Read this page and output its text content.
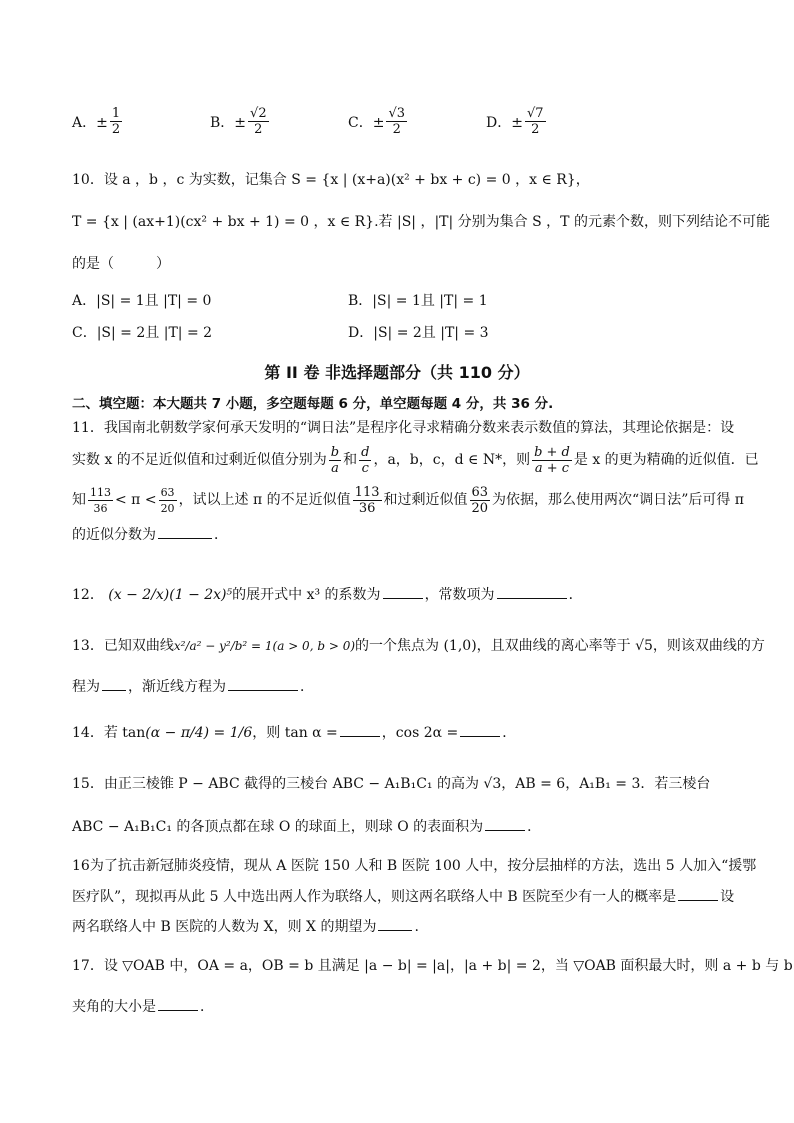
A．± $\frac{1}{2}$	B．± $\frac{√2}{2}$	C．± $\frac{√3}{2}$	D．± $\frac{√7}{2}$
10．设 a ，b ，c 为实数，记集合 S = {x | (x+a)(x² + bx + c) = 0 ，x ∈ R}，
T = {x | (ax+1)(cx² + bx + 1) = 0 ，x ∈ R}.若 |S| ，|T| 分别为集合 S ，T 的元素个数，则下列结论不可能
的是（　　　）
A．|S| = 1且 |T| = 0	B．|S| = 1且 |T| = 1
C．|S| = 2且 |T| = 2	D．|S| = 2且 |T| = 3
第 II 卷 非选择题部分（共 110 分）
二、填空题：本大题共 7 小题，多空题每题 6 分，单空题每题 4 分，共 36 分.

11．我国南北朝数学家何承天发明的“调日法”是程序化寻求精确分数来表示数值的算法，其理论依据是：设

实数 x 的不足近似值和过剩近似值分别为 $\frac{b}{a}$ 和 $\frac{d}{c}$ ，a，b，c，d ∈ N*，则 $\frac{b + d}{a + c}$ 是 x 的更为精确的近似值．已

知 $\frac{113}{36} < \pi < \frac{63}{20}$ ，试以上述 π 的不足近似值 $\frac{113}{36}$ 和过剩近似值 $\frac{63}{20}$ 为依据，那么使用两次“调日法”后可得 π

的近似分数为	．

12． (x − 2/x)(1 − 2x)⁵的展开式中 x³ 的系数为	，常数项为	．
13．已知双曲线x²/a² − y²/b² = 1(a > 0, b > 0)的一个焦点为 (1,0)，且双曲线的离心率等于 √5，则该双曲线的方
程为 ，渐近线方程为	．
14．若 tan(α − π/4) = 1/6，则 tan α =	，cos 2α =	．
15．由正三棱锥 P − ABC 截得的三棱台 ABC − A₁B₁C₁ 的高为 √3，AB = 6，A₁B₁ = 3．若三棱台
ABC − A₁B₁C₁ 的各顶点都在球 O 的球面上，则球 O 的表面积为	．
16为了抗击新冠肺炎疫情，现从 A 医院 150 人和 B 医院 100 人中，按分层抽样的方法，选出 5 人加入“援鄂
医疗队”，现拟再从此 5 人中选出两人作为联络人，则这两名联络人中 B 医院至少有一人的概率是	设
两名联络人中 B 医院的人数为 X，则 X 的期望为	.
17．设 ▽OAB 中，OA = a，OB = b 且满足 |a − b| = |a|，|a + b| = 2，当 ▽OAB 面积最大时，则 a + b 与 b
夹角的大小是	．
